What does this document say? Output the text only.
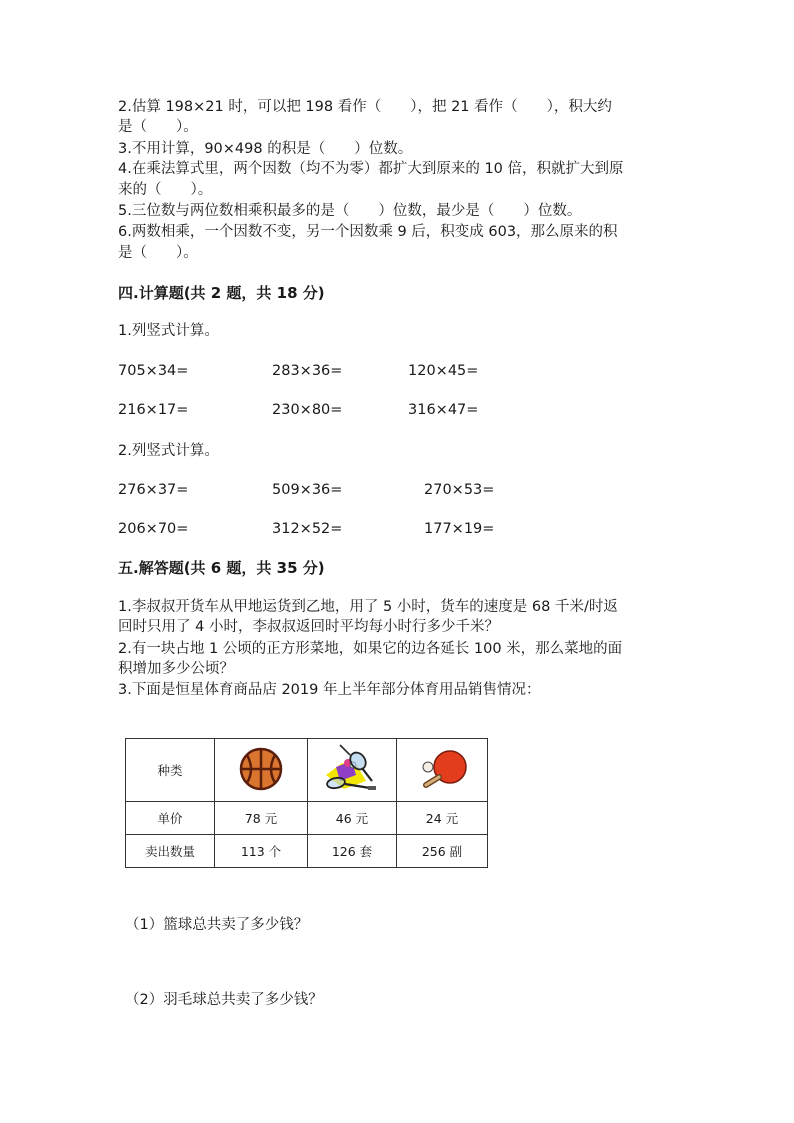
2.估算 198×21 时，可以把 198 看作（　　），把 21 看作（　　），积大约
是（　　）。
3.不用计算，90×498 的积是（　　）位数。
4.在乘法算式里，两个因数（均不为零）都扩大到原来的 10 倍，积就扩大到原
来的（　　）。
5.三位数与两位数相乘积最多的是（　　）位数，最少是（　　）位数。
6.两数相乘，一个因数不变，另一个因数乘 9 后，积变成 603，那么原来的积
是（　　）。
四.计算题(共 2 题，共 18 分)
1.列竖式计算。
705×34=	283×36=	120×45=
216×17=	230×80=	316×47=
2.列竖式计算。
276×37=	509×36=	270×53=
206×70=	312×52=	177×19=
五.解答题(共 6 题，共 35 分)
1.李叔叔开货车从甲地运货到乙地，用了 5 小时，货车的速度是 68 千米/时返
回时只用了 4 小时，李叔叔返回时平均每小时行多少千米？
2.有一块占地 1 公顷的正方形菜地，如果它的边各延长 100 米，那么菜地的面
积增加多少公顷？
3.下面是恒星体育商品店 2019 年上半年部分体育用品销售情况：
种类	

单价	78 元	46 元	24 元
卖出数量	113 个	126 套	256 副
（1）篮球总共卖了多少钱？
（2）羽毛球总共卖了多少钱？
